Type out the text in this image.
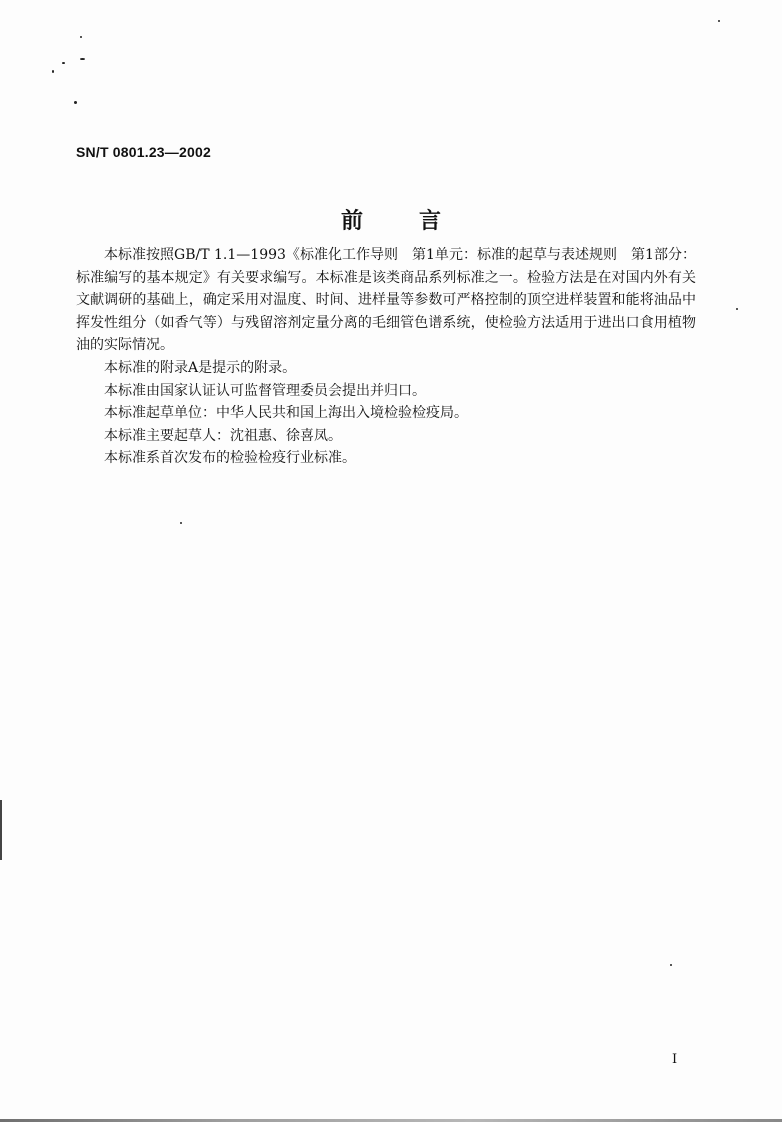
SN/T 0801.23—2002
前言

本标准按照GB/T 1.1—1993《标准化工作导则　第1单元：标准的起草与表述规则　第1部分：标准编写的基本规定》有关要求编写。本标准是该类商品系列标准之一。检验方法是在对国内外有关文献调研的基础上，确定采用对温度、时间、进样量等参数可严格控制的顶空进样装置和能将油品中挥发性组分（如香气等）与残留溶剂定量分离的毛细管色谱系统，使检验方法适用于进出口食用植物油的实际情况。

本标准的附录A是提示的附录。

本标准由国家认证认可监督管理委员会提出并归口。

本标准起草单位：中华人民共和国上海出入境检验检疫局。

本标准主要起草人：沈祖惠、徐喜凤。

本标准系首次发布的检验检疫行业标准。

I
